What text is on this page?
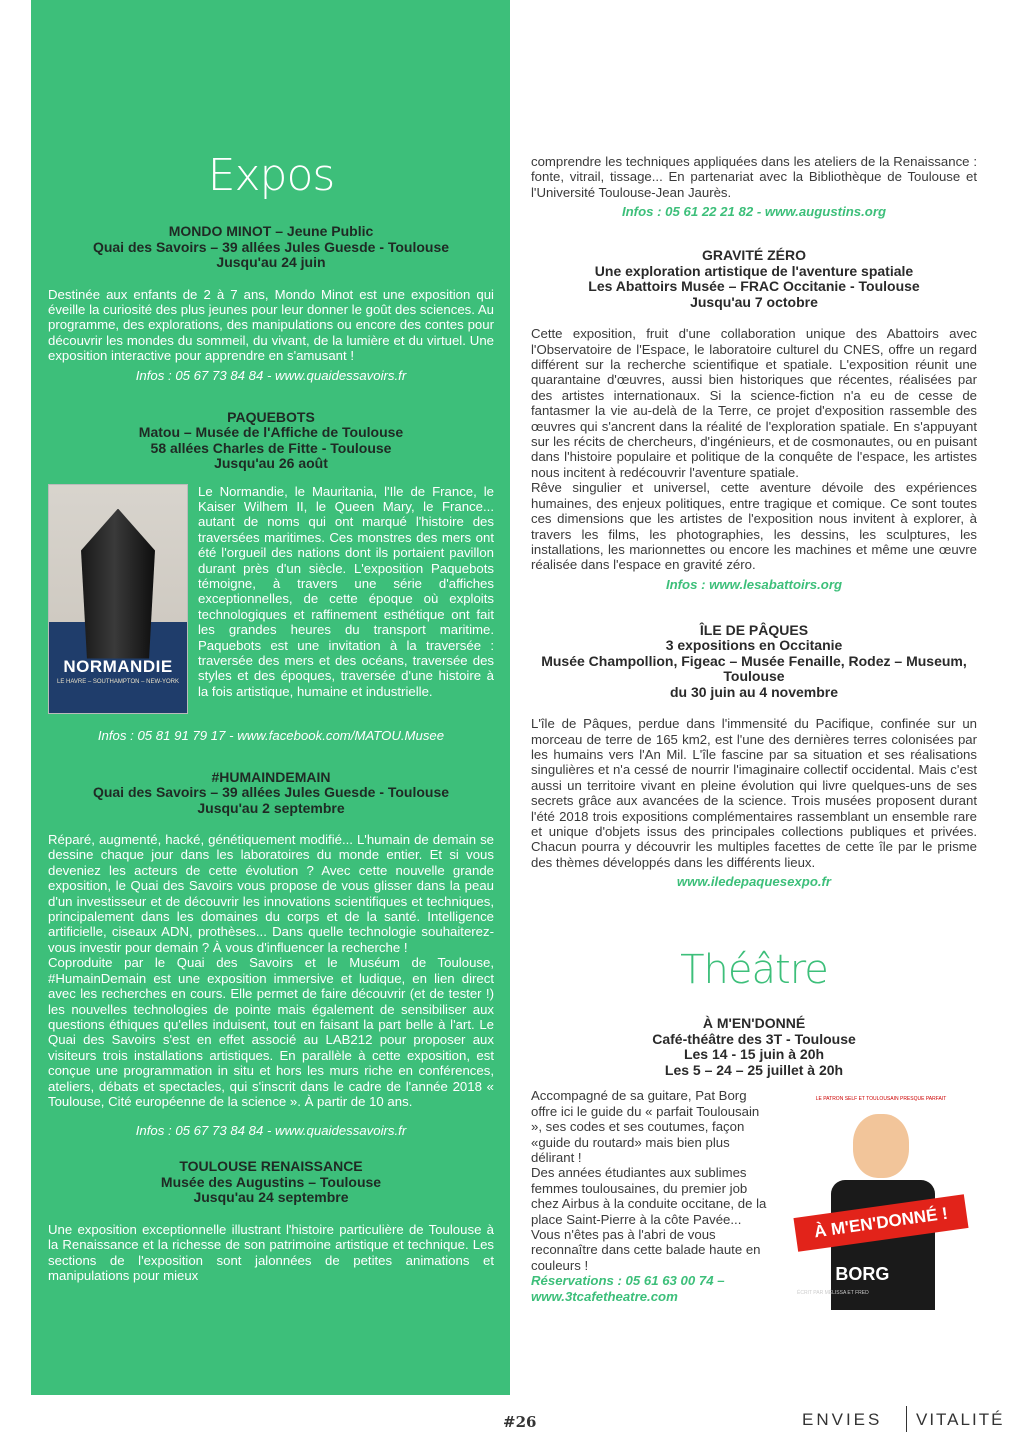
Expos
MONDO MINOT – Jeune Public
Quai des Savoirs – 39 allées Jules Guesde - Toulouse
Jusqu'au 24 juin

Destinée aux enfants de 2 à 7 ans, Mondo Minot est une exposition qui éveille la curiosité des plus jeunes pour leur donner le goût des sciences. Au programme, des explorations, des manipulations ou encore des contes pour découvrir les mondes du sommeil, du vivant, de la lumière et du virtuel. Une exposition interactive pour apprendre en s'amusant !

Infos : 05 67 73 84 84 - www.quaidessavoirs.fr

PAQUEBOTS
Matou – Musée de l'Affiche de Toulouse
58 allées Charles de Fitte - Toulouse
Jusqu'au 26 août
NORMANDIE
LE HAVRE – SOUTHAMPTON – NEW-YORK

Le Normandie, le Mauritania, l'Ile de France, le Kaiser Wilhem II, le Queen Mary, le France... autant de noms qui ont marqué l'histoire des traversées maritimes. Ces monstres des mers ont été l'orgueil des nations dont ils portaient pavillon durant près d'un siècle. L'exposition Paquebots témoigne, à travers une série d'affiches exceptionnelles, de cette époque où exploits technologiques et raffinement esthétique ont fait les grandes heures du transport maritime. Paquebots est une invitation à la traversée : traversée des mers et des océans, traversée des styles et des époques, traversée d'une histoire à la fois artistique, humaine et industrielle.

Infos : 05 81 91 79 17 - www.facebook.com/MATOU.Musee

#HUMAINDEMAIN
Quai des Savoirs – 39 allées Jules Guesde - Toulouse
Jusqu'au 2 septembre

Réparé, augmenté, hacké, génétiquement modifié... L'humain de demain se dessine chaque jour dans les laboratoires du monde entier. Et si vous deveniez les acteurs de cette évolution ? Avec cette nouvelle grande exposition, le Quai des Savoirs vous propose de vous glisser dans la peau d'un investisseur et de découvrir les innovations scientifiques et techniques, principalement dans les domaines du corps et de la santé. Intelligence artificielle, ciseaux ADN, prothèses... Dans quelle technologie souhaiterez-vous investir pour demain ? À vous d'influencer la recherche !

Coproduite par le Quai des Savoirs et le Muséum de Toulouse, #HumainDemain est une exposition immersive et ludique, en lien direct avec les recherches en cours. Elle permet de faire découvrir (et de tester !) les nouvelles technologies de pointe mais également de sensibiliser aux questions éthiques qu'elles induisent, tout en faisant la part belle à l'art. Le Quai des Savoirs s'est en effet associé au LAB212 pour proposer aux visiteurs trois installations artistiques. En parallèle à cette exposition, est conçue une programmation in situ et hors les murs riche en conférences, ateliers, débats et spectacles, qui s'inscrit dans le cadre de l'année 2018 « Toulouse, Cité européenne de la science ». À partir de 10 ans.

Infos : 05 67 73 84 84 - www.quaidessavoirs.fr

TOULOUSE RENAISSANCE
Musée des Augustins – Toulouse
Jusqu'au 24 septembre

Une exposition exceptionnelle illustrant l'histoire particulière de Toulouse à la Renaissance et la richesse de son patrimoine artistique et technique. Les sections de l'exposition sont jalonnées de petites animations et manipulations pour mieux

comprendre les techniques appliquées dans les ateliers de la Renaissance : fonte, vitrail, tissage... En partenariat avec la Bibliothèque de Toulouse et l'Université Toulouse-Jean Jaurès.

Infos : 05 61 22 21 82 - www.augustins.org

GRAVITÉ ZÉRO
Une exploration artistique de l'aventure spatiale
Les Abattoirs Musée – FRAC Occitanie - Toulouse
Jusqu'au 7 octobre

Cette exposition, fruit d'une collaboration unique des Abattoirs avec l'Observatoire de l'Espace, le laboratoire culturel du CNES, offre un regard différent sur la recherche scientifique et spatiale. L'exposition réunit une quarantaine d'œuvres, aussi bien historiques que récentes, réalisées par des artistes internationaux. Si la science-fiction n'a eu de cesse de fantasmer la vie au-delà de la Terre, ce projet d'exposition rassemble des œuvres qui s'ancrent dans la réalité de l'exploration spatiale. En s'appuyant sur les récits de chercheurs, d'ingénieurs, et de cosmonautes, ou en puisant dans l'histoire populaire et politique de la conquête de l'espace, les artistes nous incitent à redécouvrir l'aventure spatiale.

Rêve singulier et universel, cette aventure dévoile des expériences humaines, des enjeux politiques, entre tragique et comique. Ce sont toutes ces dimensions que les artistes de l'exposition nous invitent à explorer, à travers les films, les photographies, les dessins, les sculptures, les installations, les marionnettes ou encore les machines et même une œuvre réalisée dans l'espace en gravité zéro.

Infos : www.lesabattoirs.org

ÎLE DE PÂQUES
3 expositions en Occitanie
Musée Champollion, Figeac – Musée Fenaille, Rodez – Museum, Toulouse
du 30 juin au 4 novembre

L'île de Pâques, perdue dans l'immensité du Pacifique, confinée sur un morceau de terre de 165 km2, est l'une des dernières terres colonisées par les humains vers l'An Mil. L'île fascine par sa situation et ses réalisations singulières et n'a cessé de nourrir l'imaginaire collectif occidental. Mais c'est aussi un territoire vivant en pleine évolution qui livre quelques-uns de ses secrets grâce aux avancées de la science. Trois musées proposent durant l'été 2018 trois expositions complémentaires rassemblant un ensemble rare et unique d'objets issus des principales collections publiques et privées. Chacun pourra y découvrir les multiples facettes de cette île par le prisme des thèmes développés dans les différents lieux.

www.iledepaquesexpo.fr

Théâtre
À M'EN'DONNÉ
Café-théâtre des 3T - Toulouse
Les 14 - 15 juin à 20h
Les 5 – 24 – 25 juillet à 20h

Accompagné de sa guitare, Pat Borg offre ici le guide du « parfait Toulousain », ses codes et ses coutumes, façon «guide du routard» mais bien plus délirant !

Des années étudiantes aux sublimes femmes toulousaines, du premier job chez Airbus à la conduite occitane, de la place Saint-Pierre à la côte Pavée... Vous n'êtes pas à l'abri de vous reconnaître dans cette balade haute en couleurs !

Réservations : 05 61 63 00 74 – www.3tcafetheatre.com

LE PATRON SELF ET TOULOUSAIN PRESQUE PARFAIT
À M'EN'DONNÉ !
AVEC
PAT BORG
ÉCRIT PAR MÉLISSA ET FRED
#26	ENVIES VITALITÉ
